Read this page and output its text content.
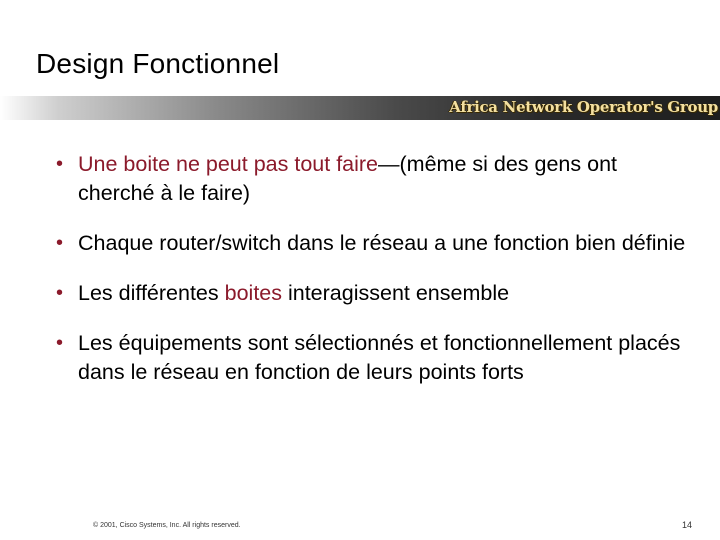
Design Fonctionnel
Africa Network Operator's Group
• Une boite ne peut pas tout faire—(même si des gens ont cherché à le faire)
• Chaque router/switch dans le réseau a une fonction bien définie
• Les différentes boites interagissent ensemble
• Les équipements sont sélectionnés et fonctionnellement placés dans le réseau en fonction de leurs points forts
© 2001, Cisco Systems, Inc. All rights reserved.	14
